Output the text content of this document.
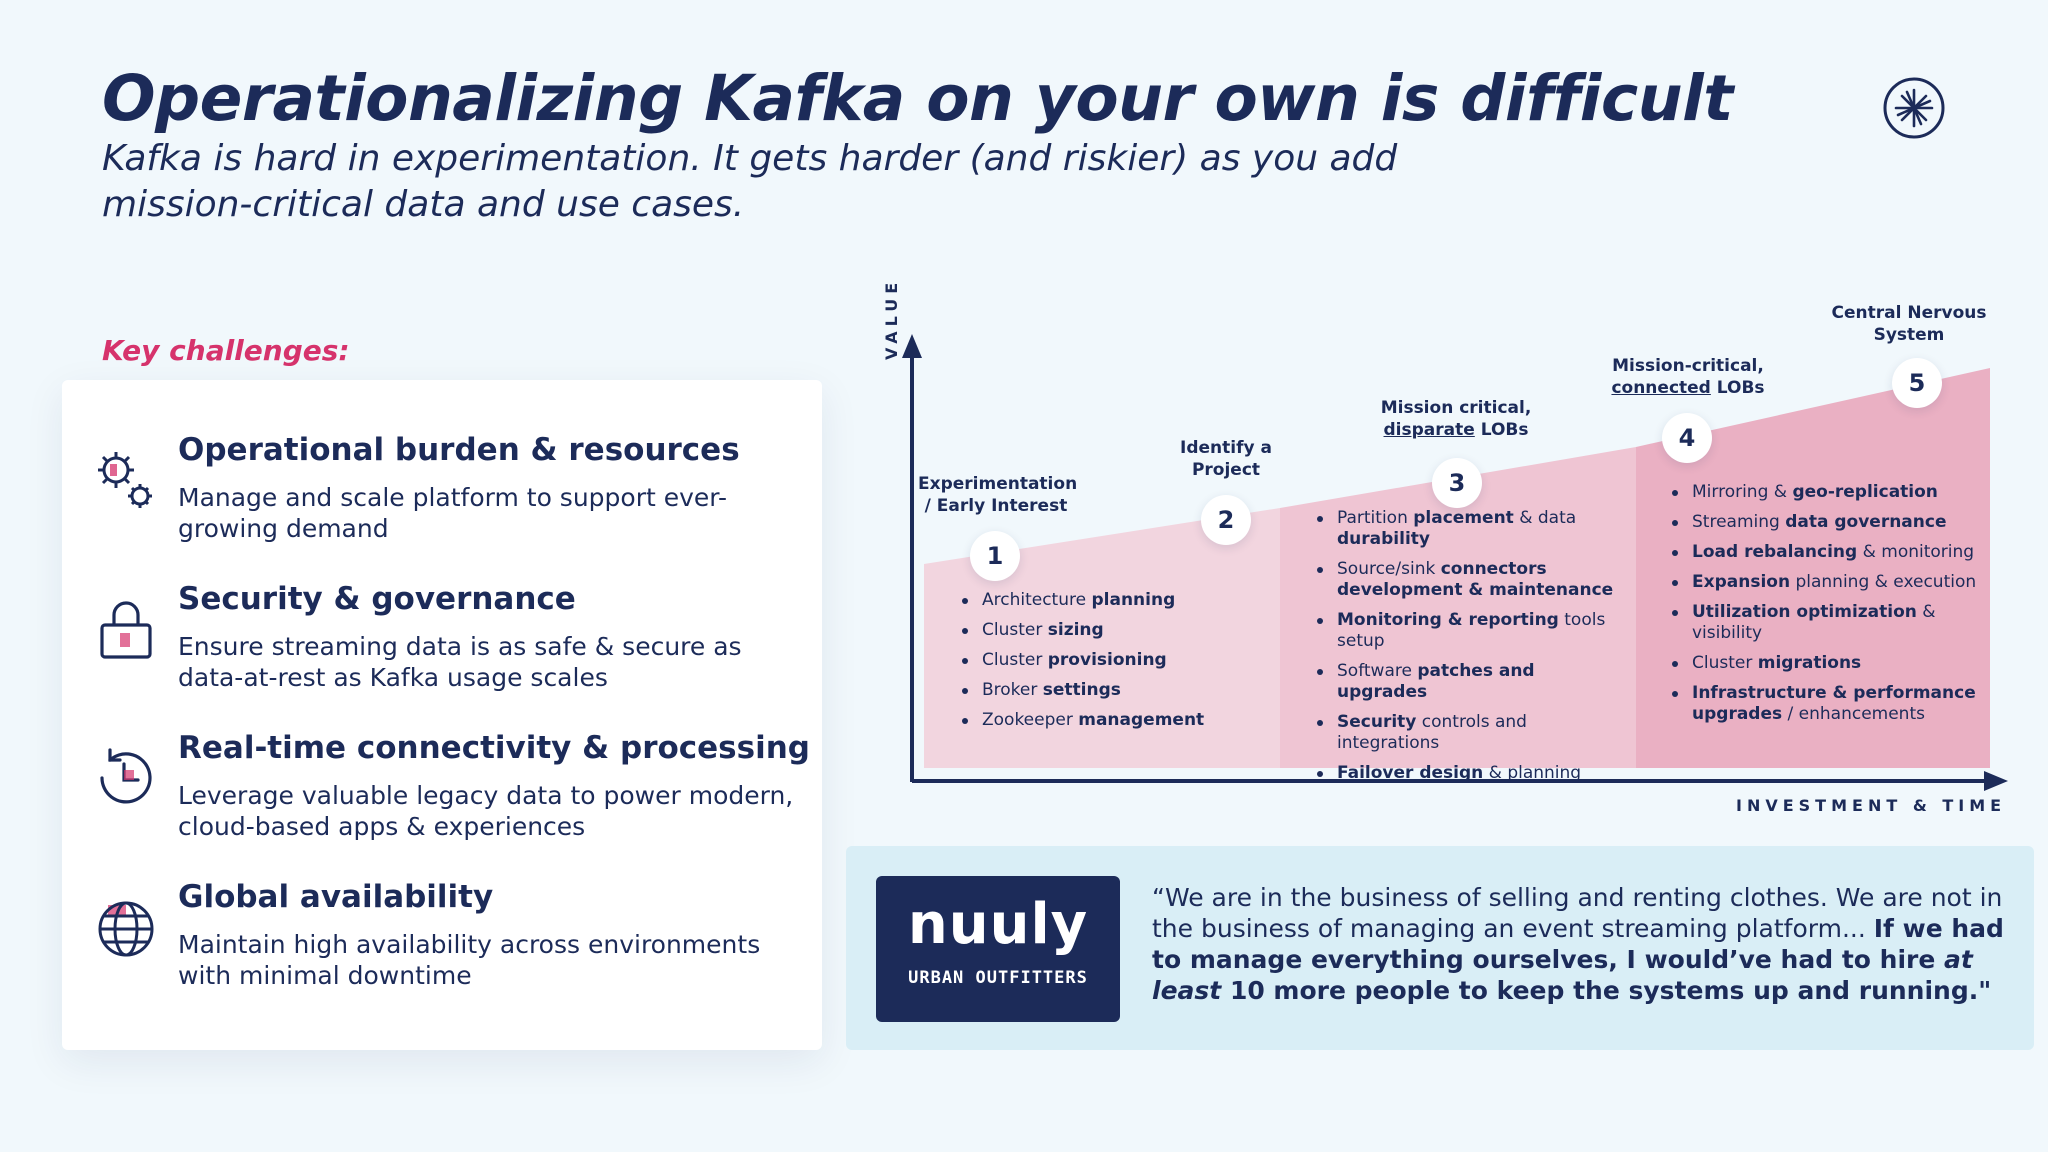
Operationalizing Kafka on your own is difficult
Kafka is hard in experimentation. It gets harder (and riskier) as you add mission-critical data and use cases.
Key challenges:
Operational burden & resources
Manage and scale platform to support ever-growing demand
Security & governance
Ensure streaming data is as safe & secure as data-at-rest as Kafka usage scales
Real-time connectivity & processing
Leverage valuable legacy data to power modern, cloud-based apps & experiences
Global availability
Maintain high availability across environments with minimal downtime
VALUE
INVESTMENT & TIME
Experimentation
/ Early Interest
1
Identify a
Project
2
Mission critical,
disparate LOBs
3
Mission-critical,
connected LOBs
4
Central Nervous
System
5
Architecture planning
Cluster sizing
Cluster provisioning
Broker settings
Zookeeper management
Partition placement & data durability
Source/sink connectors development & maintenance
Monitoring & reporting tools setup
Software patches and upgrades
Security controls and integrations
Failover design & planning
Mirroring & geo-replication
Streaming data governance
Load rebalancing & monitoring
Expansion planning & execution
Utilization optimization & visibility
Cluster migrations
Infrastructure & performance upgrades / enhancements
nuuly
URBAN OUTFITTERS
“We are in the business of selling and renting clothes. We are not in the business of managing an event streaming platform... If we had to manage everything ourselves, I would’ve had to hire at least 10 more people to keep the systems up and running."
